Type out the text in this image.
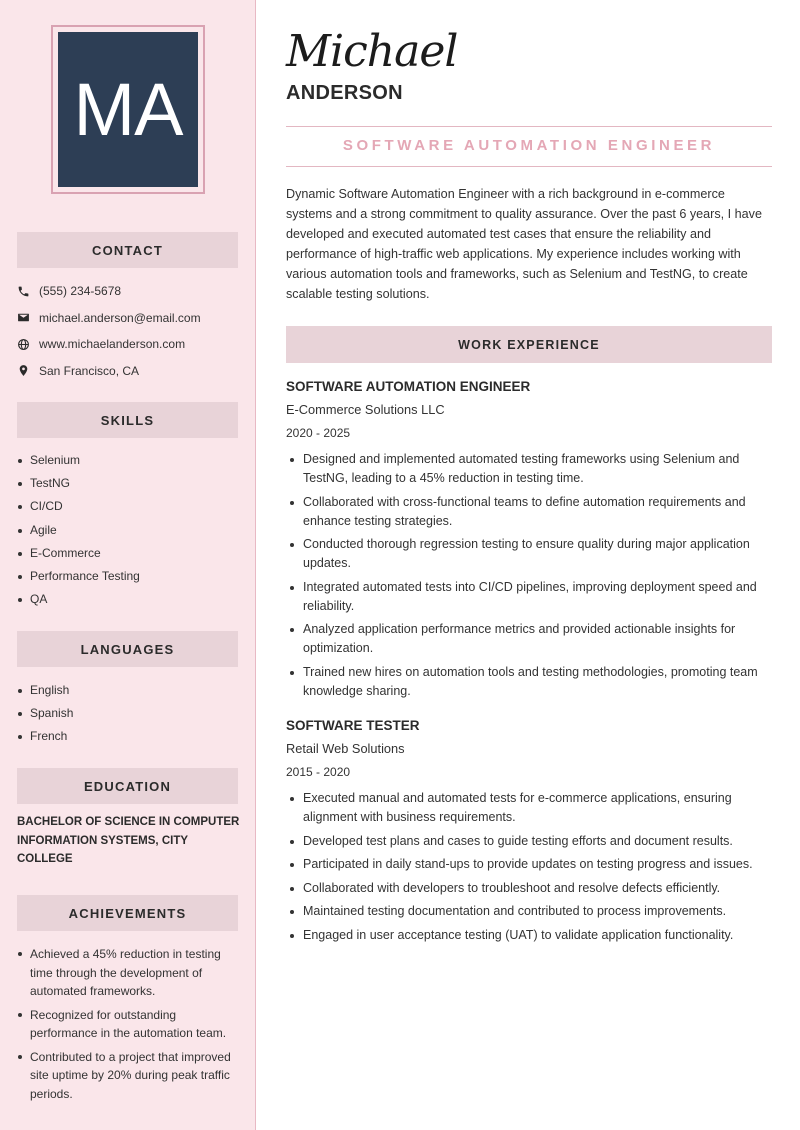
MA
CONTACT
(555) 234-5678
michael.anderson@email.com
www.michaelanderson.com
San Francisco, CA
SKILLS
Selenium
TestNG
CI/CD
Agile
E-Commerce
Performance Testing
QA
LANGUAGES
English
Spanish
French
EDUCATION
BACHELOR OF SCIENCE IN COMPUTER INFORMATION SYSTEMS, CITY COLLEGE
ACHIEVEMENTS
Achieved a 45% reduction in testing time through the development of automated frameworks.
Recognized for outstanding performance in the automation team.
Contributed to a project that improved site uptime by 20% during peak traffic periods.
Michael
ANDERSON
SOFTWARE AUTOMATION ENGINEER

Dynamic Software Automation Engineer with a rich background in e-commerce systems and a strong commitment to quality assurance. Over the past 6 years, I have developed and executed automated test cases that ensure the reliability and performance of high-traffic web applications. My experience includes working with various automation tools and frameworks, such as Selenium and TestNG, to create scalable testing solutions.

WORK EXPERIENCE
SOFTWARE AUTOMATION ENGINEER
E-Commerce Solutions LLC
2020 - 2025
Designed and implemented automated testing frameworks using Selenium and TestNG, leading to a 45% reduction in testing time.
Collaborated with cross-functional teams to define automation requirements and enhance testing strategies.
Conducted thorough regression testing to ensure quality during major application updates.
Integrated automated tests into CI/CD pipelines, improving deployment speed and reliability.
Analyzed application performance metrics and provided actionable insights for optimization.
Trained new hires on automation tools and testing methodologies, promoting team knowledge sharing.
SOFTWARE TESTER
Retail Web Solutions
2015 - 2020
Executed manual and automated tests for e-commerce applications, ensuring alignment with business requirements.
Developed test plans and cases to guide testing efforts and document results.
Participated in daily stand-ups to provide updates on testing progress and issues.
Collaborated with developers to troubleshoot and resolve defects efficiently.
Maintained testing documentation and contributed to process improvements.
Engaged in user acceptance testing (UAT) to validate application functionality.
